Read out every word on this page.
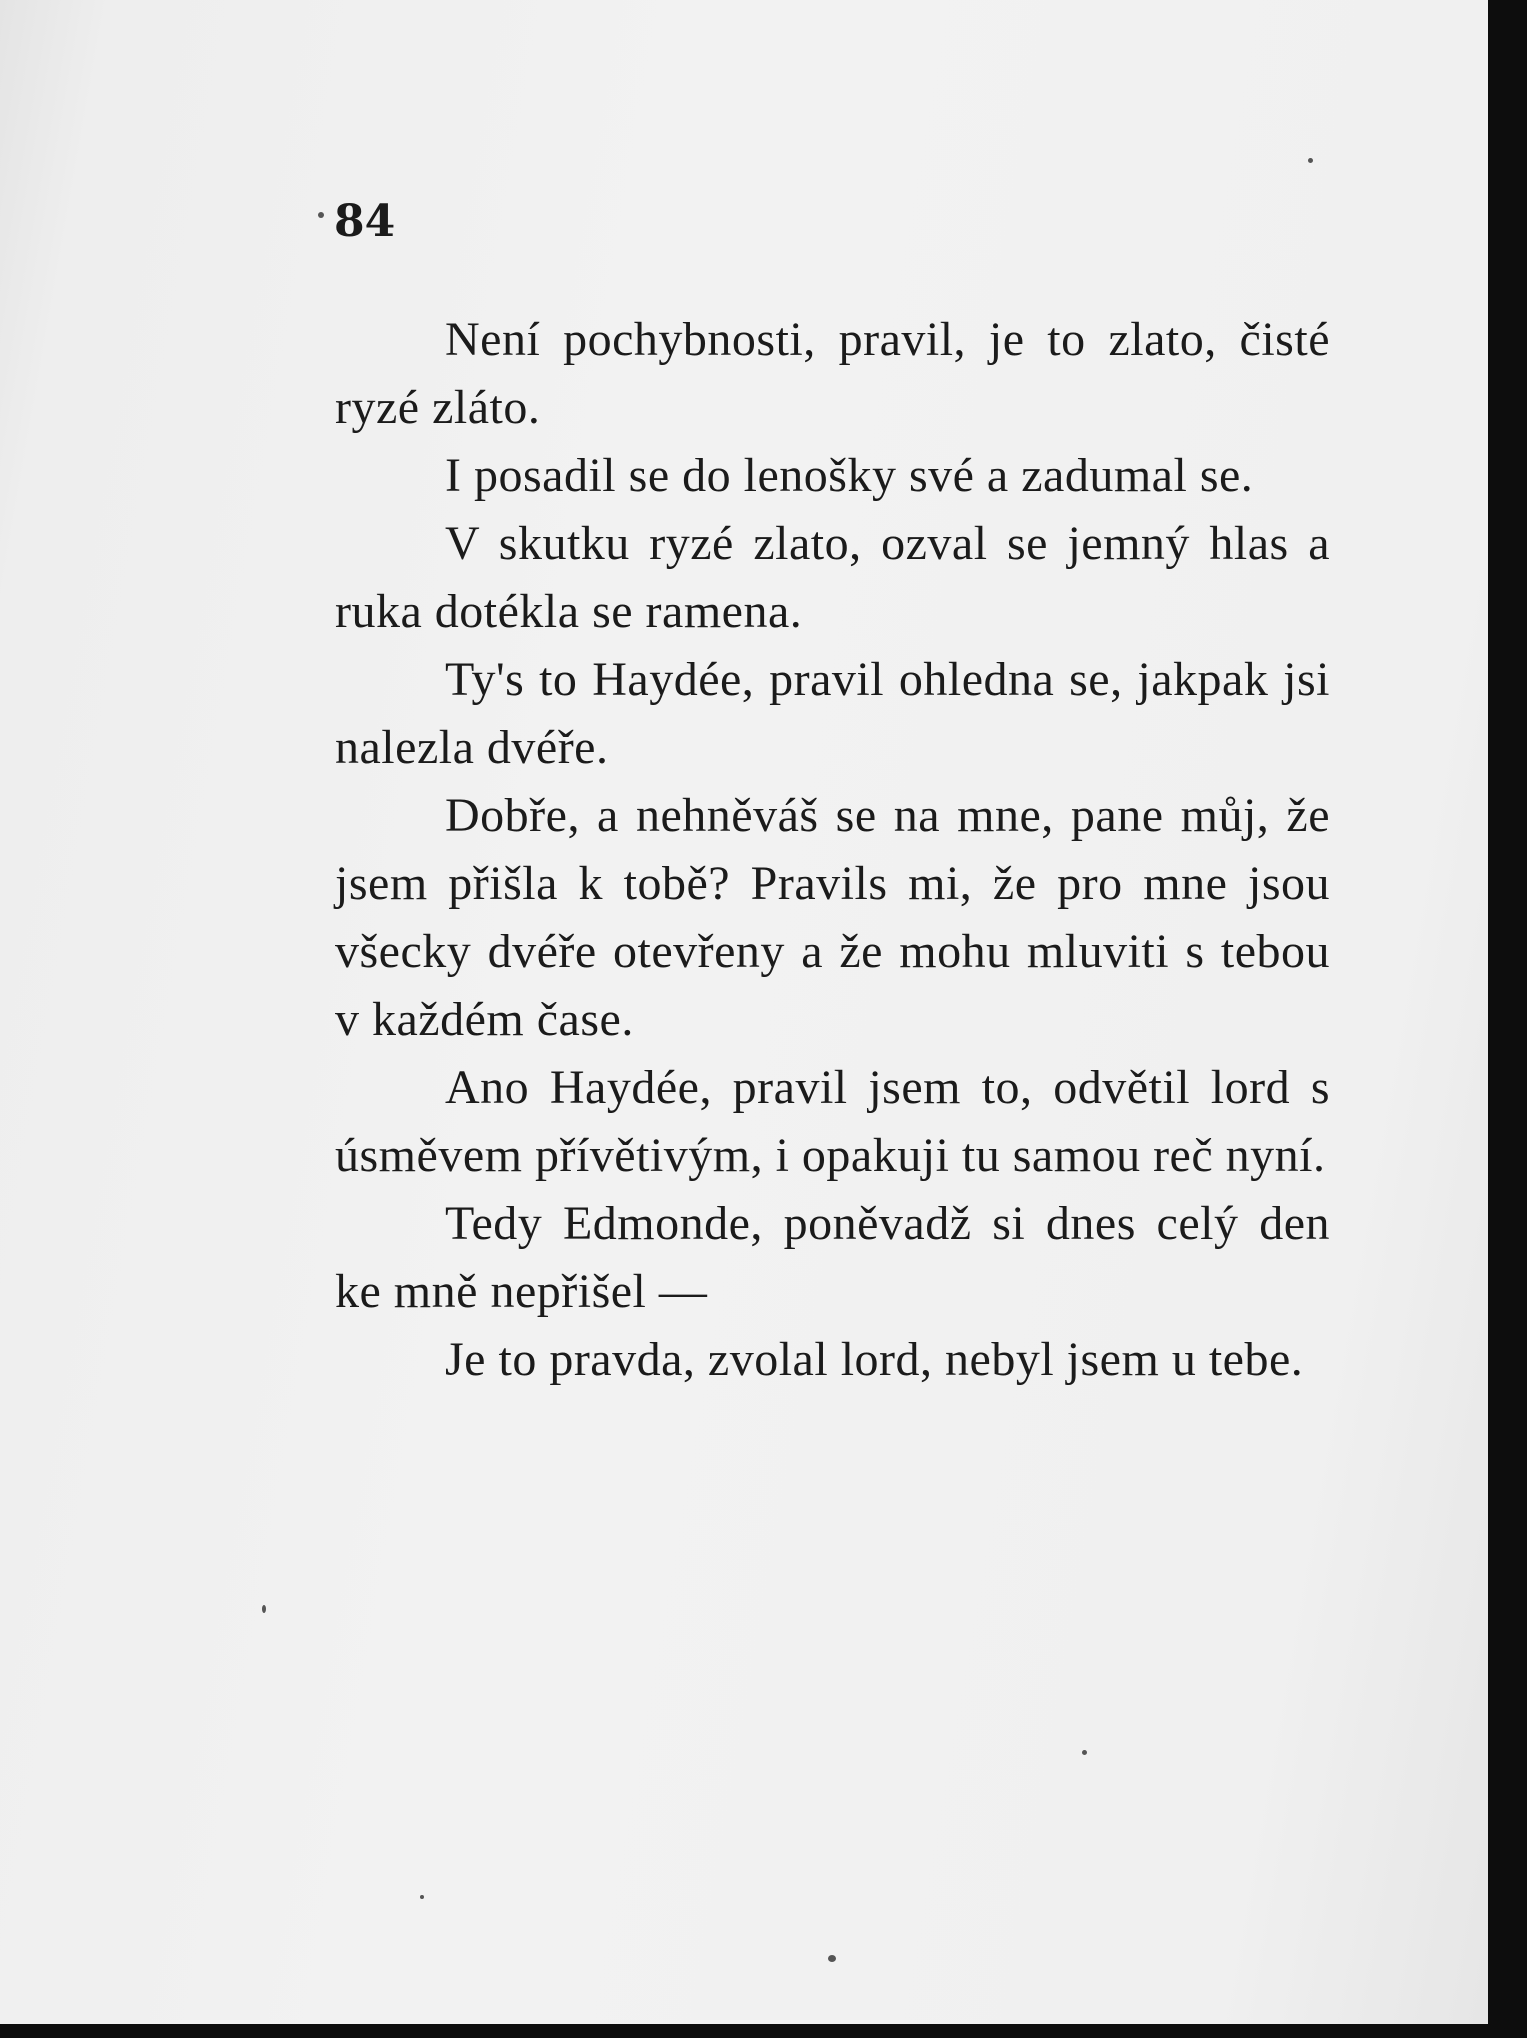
84

Není pochybnosti, pravil, je to zlato, čisté ryzé zláto.

I posadil se do lenošky své a zadumal se.

V skutku ryzé zlato, ozval se jemný hlas a ruka dotékla se ramena.

Ty's to Haydée, pravil ohledna se, jakpak jsi nalezla dvéře.

Dobře, a nehněváš se na mne, pane můj, že jsem přišla k tobě? Pravils mi, že pro mne jsou všecky dvéře otevřeny a že mohu mluviti s tebou v každém čase.

Ano Haydée, pravil jsem to, odvětil lord s úsměvem přívětivým, i opakuji tu samou reč nyní.

Tedy Edmonde, poněvadž si dnes celý den ke mně nepřišel —

Je to pravda, zvolal lord, nebyl jsem u tebe.
